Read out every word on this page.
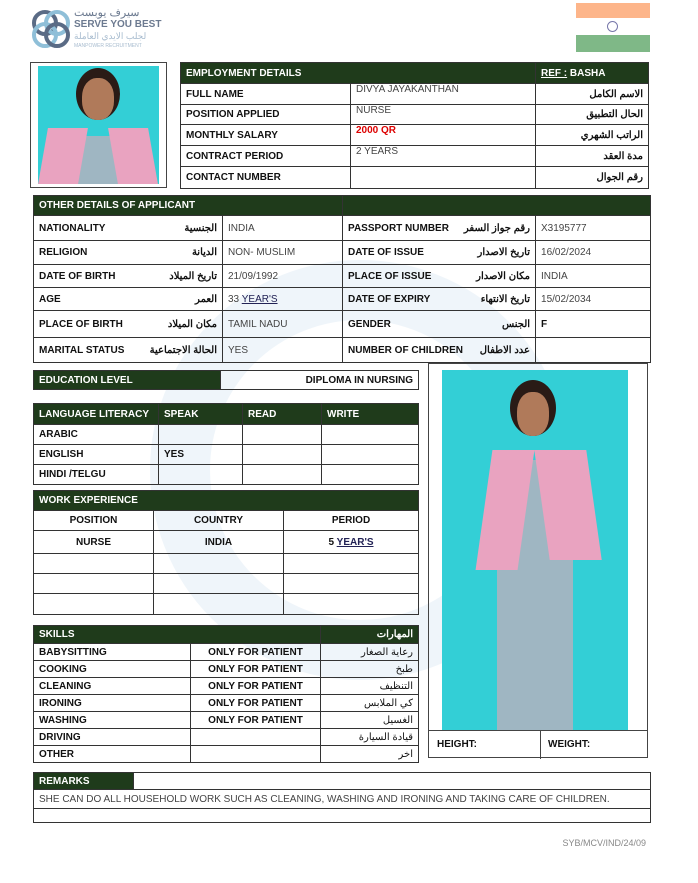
سيرف يوبست
SERVE YOU BEST
لجلب الايدي العاملة
MANPOWER RECRUITMENT
EMPLOYMENT DETAILS		REF : BASHA
FULL NAME	DIVYA JAYAKANTHAN	الاسم الكامل
POSITION APPLIED	NURSE	الحال التطبيق
MONTHLY SALARY	2000 QR	الراتب الشهري
CONTRACT PERIOD	2 YEARS	مدة العقد
CONTACT NUMBER		رقم الجوال
OTHER DETAILS OF APPLICANT			

NATIONALITY الجنسية	INDIA	PASSPORT NUMBER رقم جواز السفر	X3195777

RELIGION الديانة	NON- MUSLIM	DATE OF ISSUE تاريخ الاصدار	16/02/2024

DATE OF BIRTH تاريخ الميلاد	21/09/1992	PLACE OF ISSUE مكان الاصدار	INDIA

AGE العمر	33 YEAR'S	DATE OF EXPIRY تاريخ الانتهاء	15/02/2034

PLACE OF BIRTH مكان الميلاد	TAMIL NADU	GENDER الجنس	F

MARITAL STATUS الحالة الاجتماعية	YES	NUMBER OF CHILDREN عدد الاطفال	

EDUCATION LEVEL	DIPLOMA IN NURSING
LANGUAGE LITERACY	SPEAK	READ	WRITE
ARABIC			
ENGLISH	YES		
HINDI /TELGU			
WORK EXPERIENCE		
POSITION	COUNTRY	PERIOD
NURSE	INDIA	5 YEAR'S

SKILLS		المهارات
BABYSITTING	ONLY FOR PATIENT	رعاية الصغار
COOKING	ONLY FOR PATIENT	طبخ
CLEANING	ONLY FOR PATIENT	التنظيف
IRONING	ONLY FOR PATIENT	كي الملابس
WASHING	ONLY FOR PATIENT	الغسيل
DRIVING		قيادة السيارة
OTHER		اخر
HEIGHT:	WEIGHT:
REMARKS	
SHE CAN DO ALL HOUSEHOLD WORK SUCH AS CLEANING, WASHING AND IRONING AND TAKING CARE OF CHILDREN.

SYB/MCV/IND/24/09
